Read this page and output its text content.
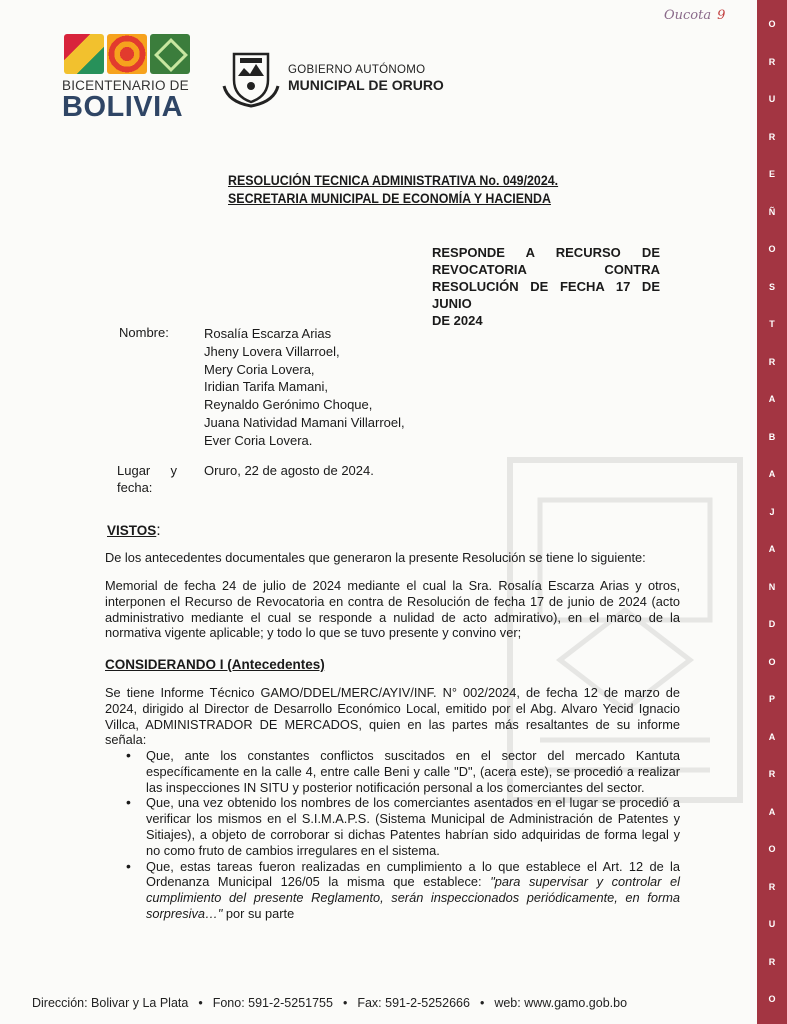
Oucota 9
BICENTENARIO DE
BOLIVIA
GOBIERNO AUTÓNOMO
MUNICIPAL DE ORURO
RESOLUCIÓN TECNICA ADMINISTRATIVA No. 049/2024.
SECRETARIA MUNICIPAL DE ECONOMÍA Y HACIENDA
RESPONDE A RECURSO DE
REVOCATORIA CONTRA
RESOLUCIÓN DE FECHA 17 DE JUNIO
DE 2024
Nombre:	Rosalía Escarza Arias
Jheny Lovera Villarroel,
Mery Coria Lovera,
Iridian Tarifa Mamani,
Reynaldo Gerónimo Choque,
Juana Natividad Mamani Villarroel,
Ever Coria Lovera.
Lugar y
fecha:
Oruro, 22 de agosto de 2024.
VISTOS:
De los antecedentes documentales que generaron la presente Resolución se tiene lo siguiente:
Memorial de fecha 24 de julio de 2024 mediante el cual la Sra. Rosalía Escarza Arias y otros, interponen el Recurso de Revocatoria en contra de Resolución de fecha 17 de junio de 2024 (acto administrativo mediante el cual se responde a nulidad de acto admirativo), en el marco de la normativa vigente aplicable; y todo lo que se tuvo presente y convino ver;
CONSIDERANDO I (Antecedentes)
Se tiene Informe Técnico GAMO/DDEL/MERC/AYIV/INF. N° 002/2024, de fecha 12 de marzo de 2024, dirigido al Director de Desarrollo Económico Local, emitido por el Abg. Alvaro Yecid Ignacio Villca, ADMINISTRADOR DE MERCADOS, quien en las partes más resaltantes de su informe señala:
• Que, ante los constantes conflictos suscitados en el sector del mercado Kantuta específicamente en la calle 4, entre calle Beni y calle "D", (acera este), se procedió a realizar las inspecciones IN SITU y posterior notificación personal a los comerciantes del sector.
• Que, una vez obtenido los nombres de los comerciantes asentados en el lugar se procedió a verificar los mismos en el S.I.M.A.P.S. (Sistema Municipal de Administración de Patentes y Sitiajes), a objeto de corroborar si dichas Patentes habrían sido adquiridas de forma legal y no como fruto de cambios irregulares en el sistema.
• Que, estas tareas fueron realizadas en cumplimiento a lo que establece el Art. 12 de la Ordenanza Municipal 126/05 la misma que establece: "para supervisar y controlar el cumplimiento del presente Reglamento, serán inspeccionados periódicamente, en forma sorpresiva…" por su parte
Dirección: Bolivar y La Plata • Fono: 591-2-5251755 • Fax: 591-2-5252666 • web: www.gamo.gob.bo
O
R
U
R
E
Ñ
O
S
T
R
A
B
A
J
A
N
D
O
P
A
R
A
O
R
U
R
O
